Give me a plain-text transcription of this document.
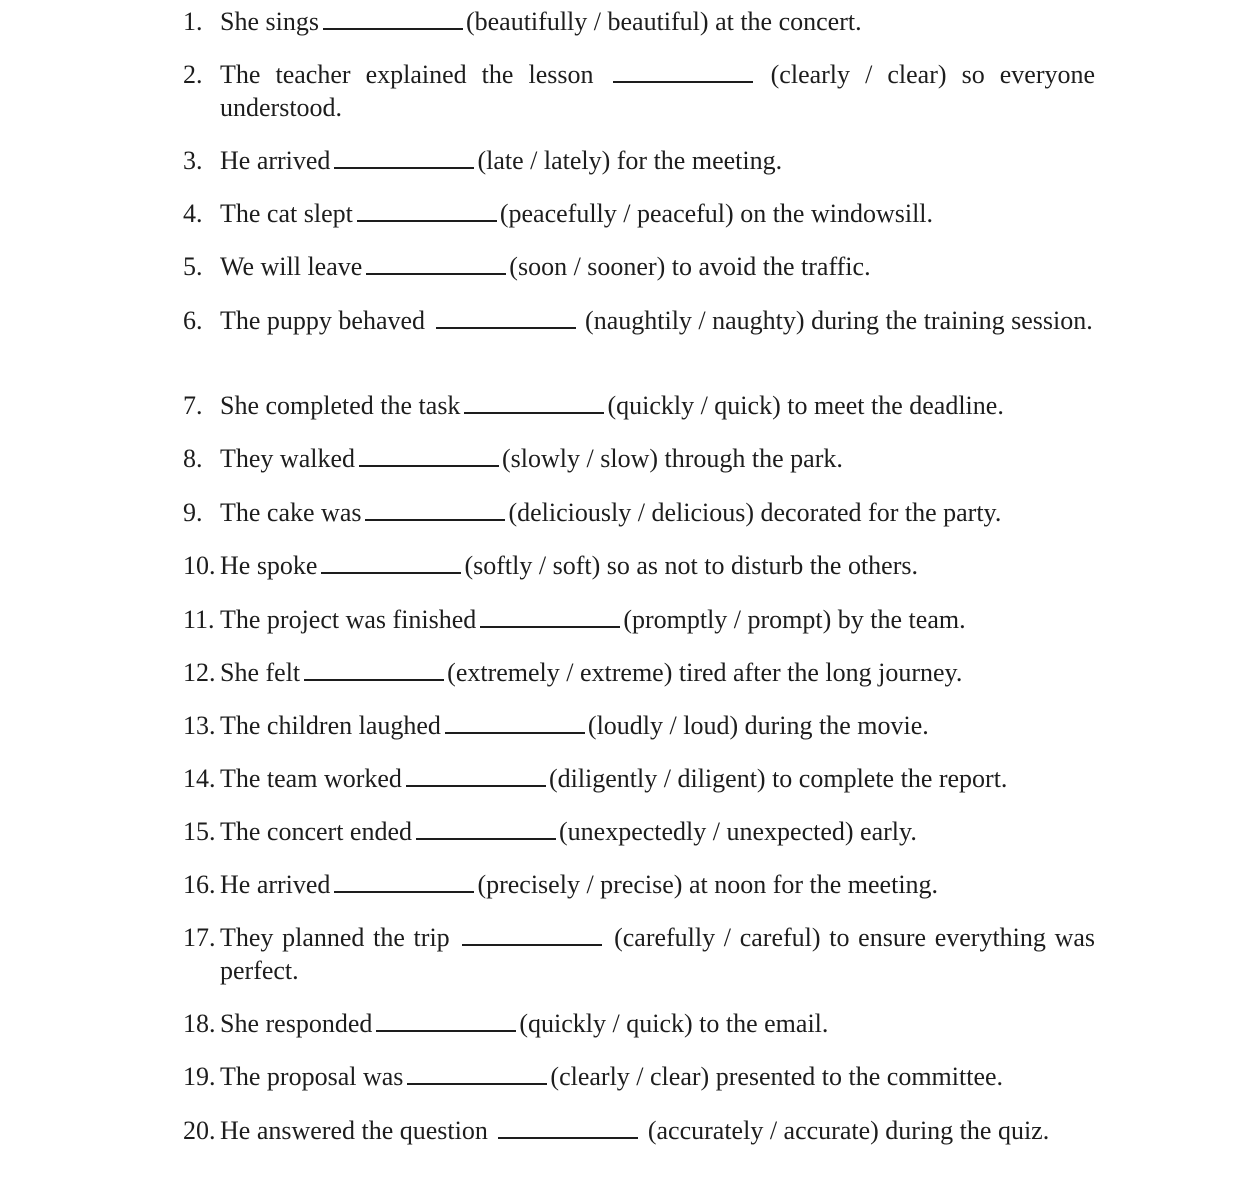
1. She sings	(beautifully / beautiful) at the concert.
2. The teacher explained the lesson	(clearly / clear) so everyone understood.
3. He arrived	(late / lately) for the meeting.
4. The cat slept	(peacefully / peaceful) on the windowsill.
5. We will leave	(soon / sooner) to avoid the traffic.
6. The puppy behaved	(naughtily / naughty) during the training session.
7. She completed the task	(quickly / quick) to meet the deadline.
8. They walked	(slowly / slow) through the park.
9. The cake was	(deliciously / delicious) decorated for the party.
10. He spoke	(softly / soft) so as not to disturb the others.
11. The project was finished	(promptly / prompt) by the team.
12. She felt	(extremely / extreme) tired after the long journey.
13. The children laughed	(loudly / loud) during the movie.
14. The team worked	(diligently / diligent) to complete the report.
15. The concert ended	(unexpectedly / unexpected) early.
16. He arrived	(precisely / precise) at noon for the meeting.
17. They planned the trip	(carefully / careful) to ensure everything was perfect.
18. She responded	(quickly / quick) to the email.
19. The proposal was	(clearly / clear) presented to the committee.
20. He answered the question	(accurately / accurate) during the quiz.
